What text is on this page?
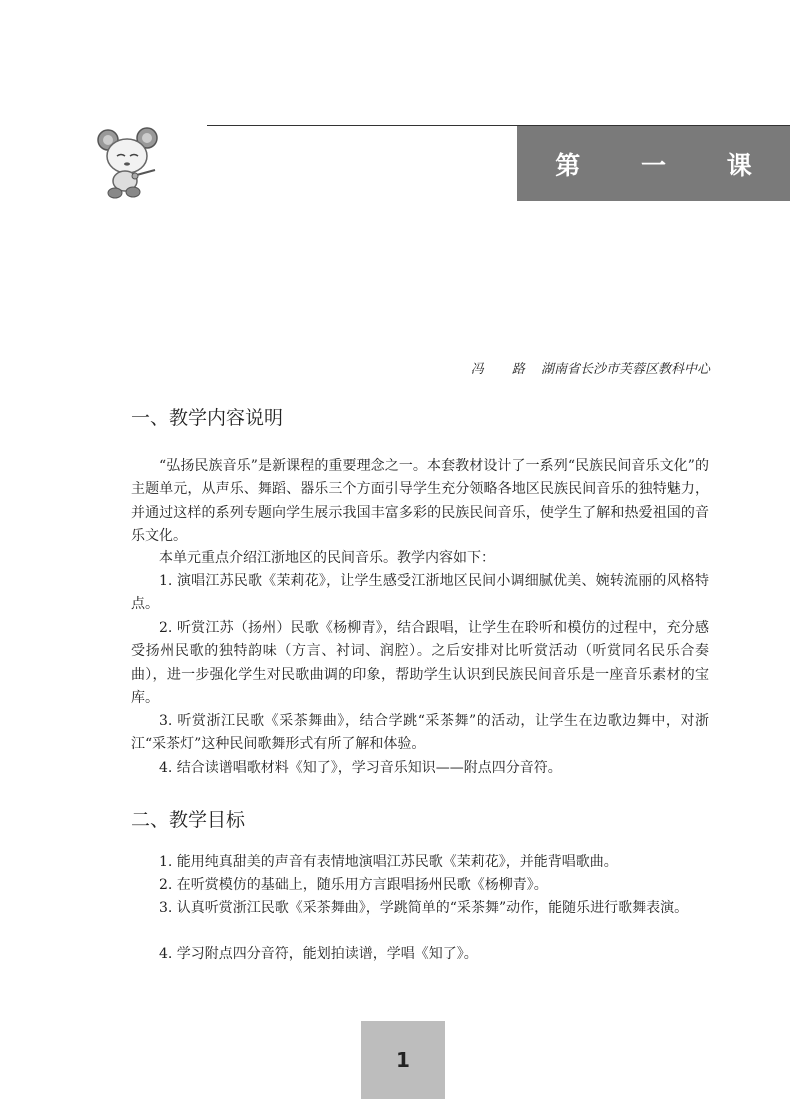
第 一 课
冯 路 湖南省长沙市芙蓉区教科中心
一、教学内容说明

“弘扬民族音乐”是新课程的重要理念之一。本套教材设计了一系列“民族民间音乐文化”的主题单元，从声乐、舞蹈、器乐三个方面引导学生充分领略各地区民族民间音乐的独特魅力，并通过这样的系列专题向学生展示我国丰富多彩的民族民间音乐，使学生了解和热爱祖国的音乐文化。

本单元重点介绍江浙地区的民间音乐。教学内容如下：

1. 演唱江苏民歌《茉莉花》，让学生感受江浙地区民间小调细腻优美、婉转流丽的风格特点。

2. 听赏江苏（扬州）民歌《杨柳青》，结合跟唱，让学生在聆听和模仿的过程中，充分感受扬州民歌的独特韵味（方言、衬词、润腔）。之后安排对比听赏活动（听赏同名民乐合奏曲），进一步强化学生对民歌曲调的印象，帮助学生认识到民族民间音乐是一座音乐素材的宝库。

3. 听赏浙江民歌《采茶舞曲》，结合学跳“采茶舞”的活动，让学生在边歌边舞中，对浙江“采茶灯”这种民间歌舞形式有所了解和体验。

4. 结合读谱唱歌材料《知了》，学习音乐知识——附点四分音符。

二、教学目标

1. 能用纯真甜美的声音有表情地演唱江苏民歌《茉莉花》，并能背唱歌曲。

2. 在听赏模仿的基础上，随乐用方言跟唱扬州民歌《杨柳青》。

3. 认真听赏浙江民歌《采茶舞曲》，学跳简单的“采茶舞”动作，能随乐进行歌舞表演。

4. 学习附点四分音符，能划拍读谱，学唱《知了》。

1
